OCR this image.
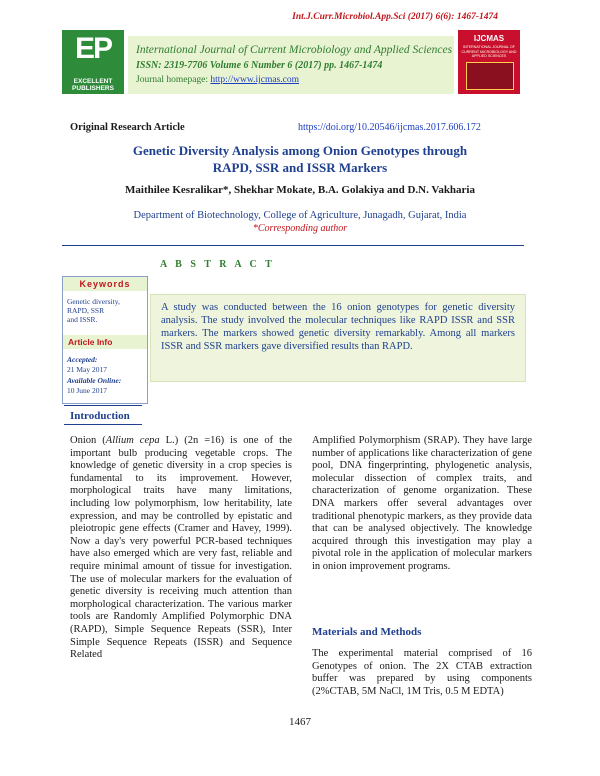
Int.J.Curr.Microbiol.App.Sci (2017) 6(6): 1467-1474
EP
EXCELLENT PUBLISHERS
International Journal of Current Microbiology and Applied Sciences
ISSN: 2319-7706 Volume 6 Number 6 (2017) pp. 1467-1474
Journal homepage: http://www.ijcmas.com
IJCMAS
INTERNATIONAL JOURNAL OF CURRENT MICROBIOLOGY AND APPLIED SCIENCES
Original Research Article	https://doi.org/10.20546/ijcmas.2017.606.172
Genetic Diversity Analysis among Onion Genotypes through
RAPD, SSR and ISSR Markers
Maithilee Kesralikar*, Shekhar Mokate, B.A. Golakiya and D.N. Vakharia
Department of Biotechnology, College of Agriculture, Junagadh, Gujarat, India
*Corresponding author
A B S T R A C T
Keywords
Genetic diversity,
RAPD, SSR
and ISSR.
Article Info
Accepted:
21 May 2017
Available Online:
10 June 2017
A study was conducted between the 16 onion genotypes for genetic diversity analysis. The study involved the molecular techniques like RAPD ISSR and SSR markers. The markers showed genetic diversity remarkably. Among all markers ISSR and SSR markers gave diversified results than RAPD.
Introduction

Onion (Allium cepa L.) (2n =16) is one of the important bulb producing vegetable crops. The knowledge of genetic diversity in a crop species is fundamental to its improvement. However, morphological traits have many limitations, including low polymorphism, low heritability, late expression, and may be controlled by epistatic and pleiotropic gene effects (Cramer and Havey, 1999). Now a day's very powerful PCR-based techniques have also emerged which are very fast, reliable and require minimal amount of tissue for investigation. The use of molecular markers for the evaluation of genetic diversity is receiving much attention than morphological characterization. The various marker tools are Randomly Amplified Polymorphic DNA (RAPD), Simple Sequence Repeats (SSR), Inter Simple Sequence Repeats (ISSR) and Sequence Related

Amplified Polymorphism (SRAP). They have large number of applications like characterization of gene pool, DNA fingerprinting, phylogenetic analysis, molecular dissection of complex traits, and characterization of genome organization. These DNA markers offer several advantages over traditional phenotypic markers, as they provide data that can be analysed objectively. The knowledge acquired through this investigation may play a pivotal role in the application of molecular markers in onion improvement programs.

Materials and Methods
The experimental material comprised of 16 Genotypes of onion. The 2X CTAB extraction buffer was prepared by using components (2%CTAB, 5M NaCl, 1M Tris, 0.5 M EDTA)
1467
